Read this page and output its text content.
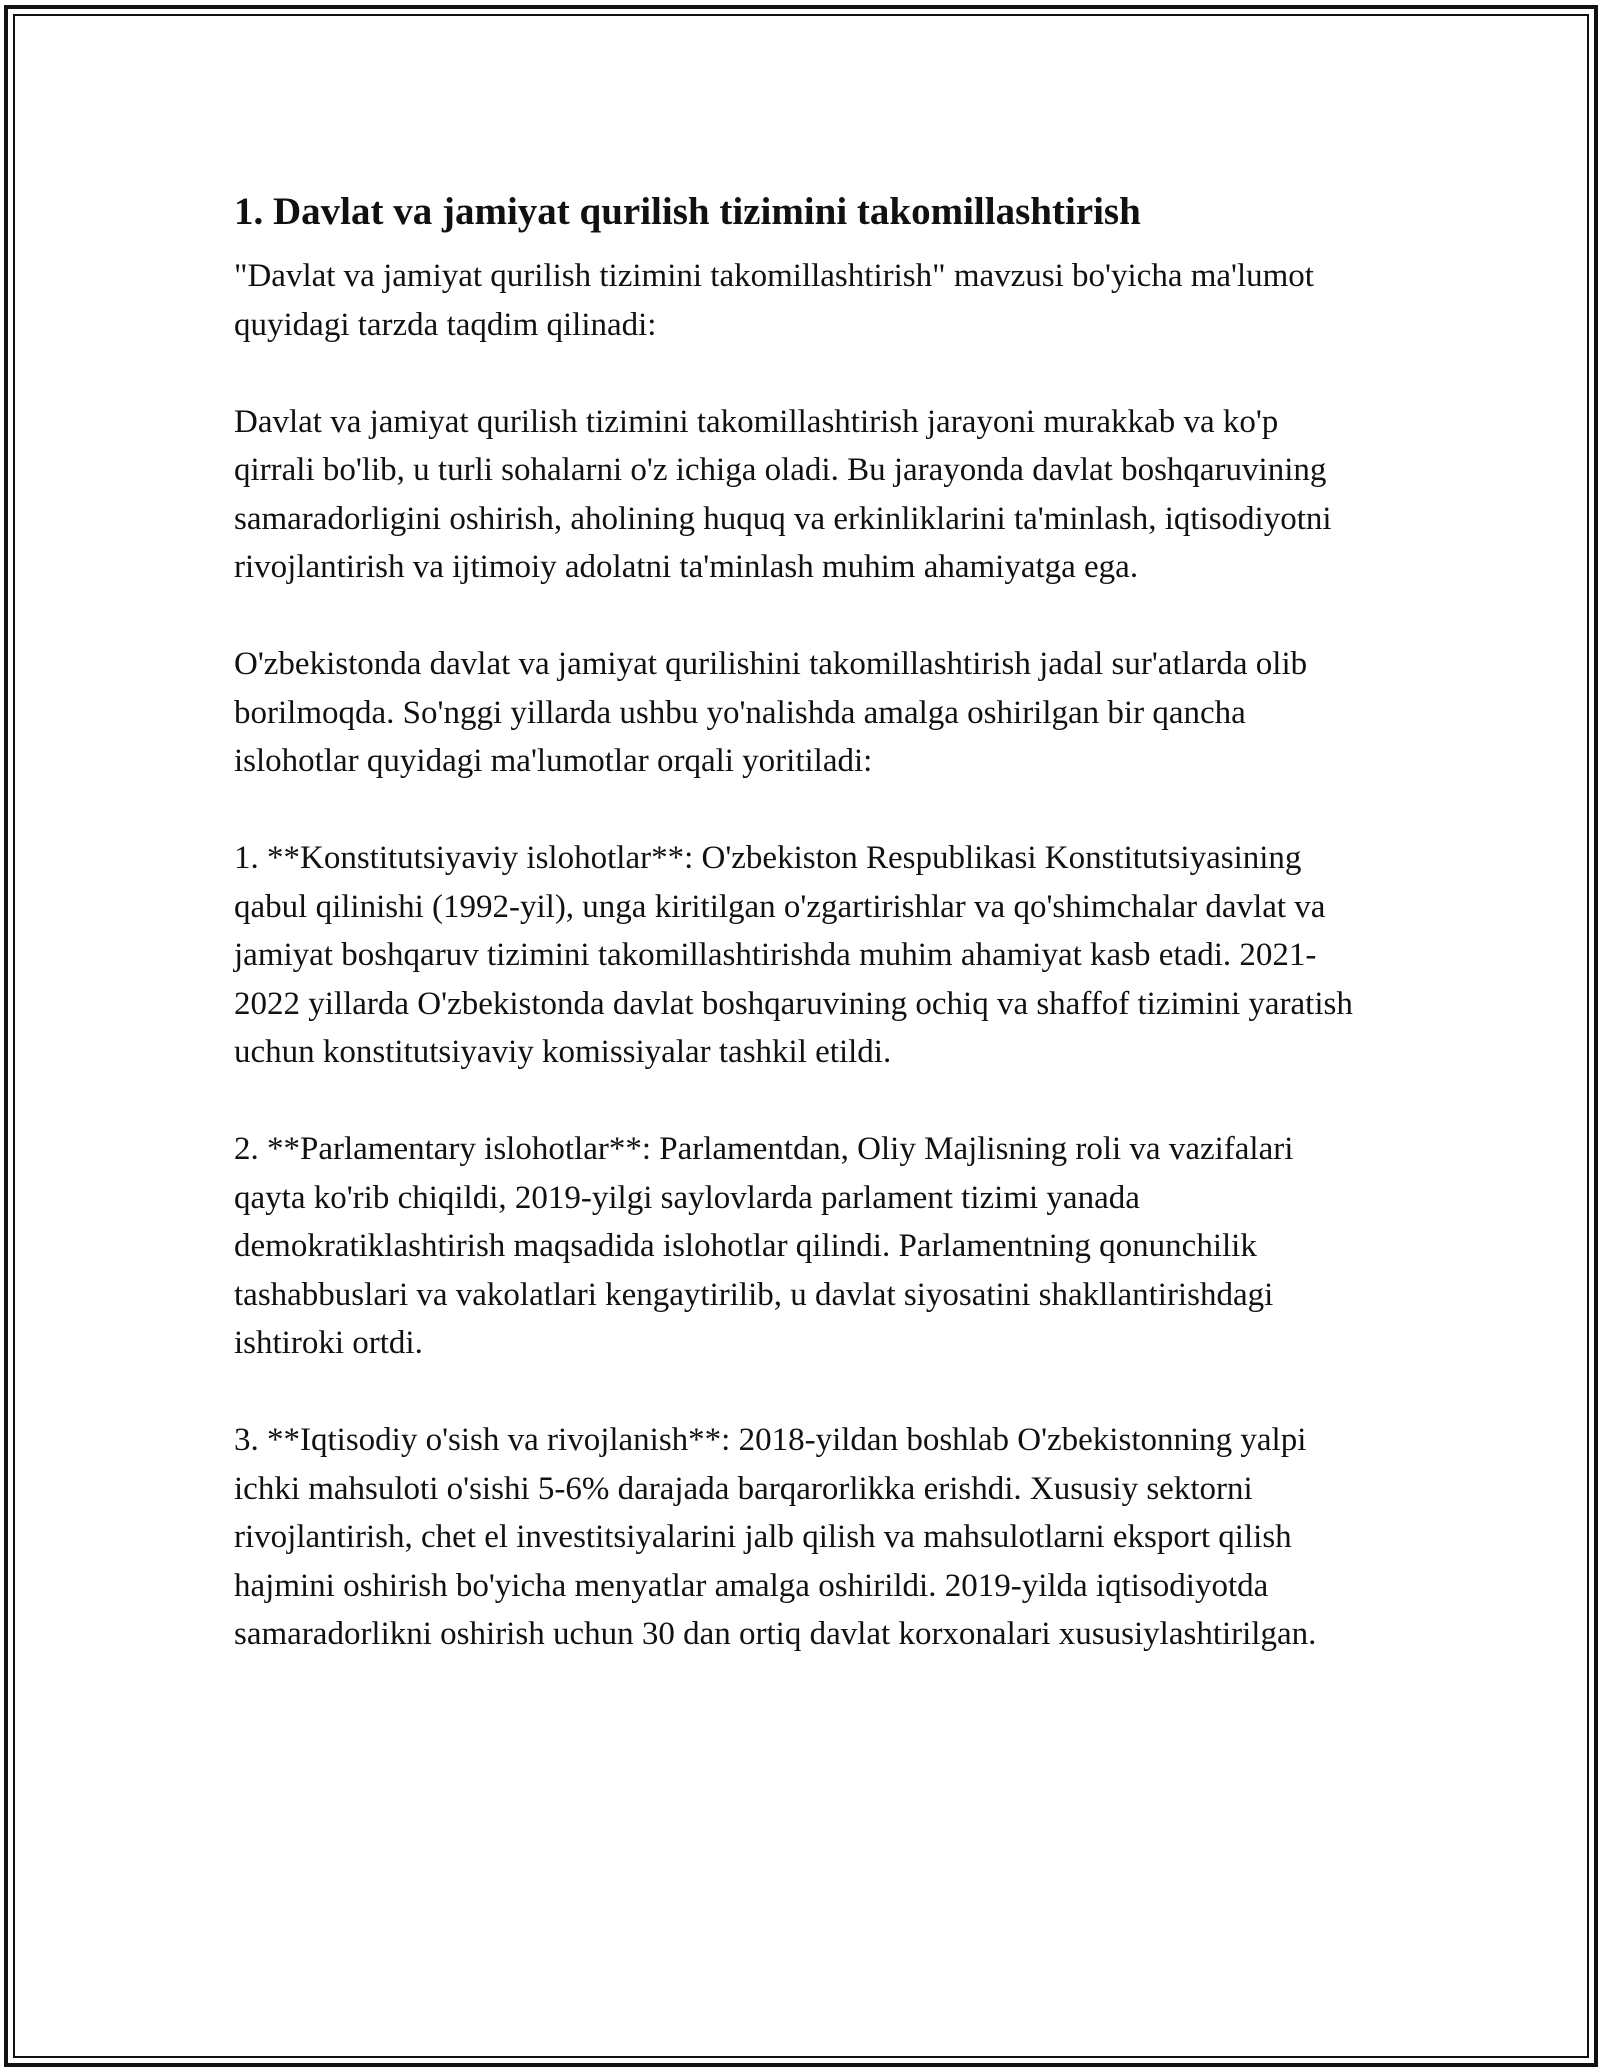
1. Davlat va jamiyat qurilish tizimini takomillashtirish

"Davlat va jamiyat qurilish tizimini takomillashtirish" mavzusi bo'yicha ma'lumot quyidagi tarzda taqdim qilinadi:

Davlat va jamiyat qurilish tizimini takomillashtirish jarayoni murakkab va ko'p qirrali bo'lib, u turli sohalarni o'z ichiga oladi. Bu jarayonda davlat boshqaruvining samaradorligini oshirish, aholining huquq va erkinliklarini ta'minlash, iqtisodiyotni rivojlantirish va ijtimoiy adolatni ta'minlash muhim ahamiyatga ega.

O'zbekistonda davlat va jamiyat qurilishini takomillashtirish jadal sur'atlarda olib borilmoqda. So'nggi yillarda ushbu yo'nalishda amalga oshirilgan bir qancha islohotlar quyidagi ma'lumotlar orqali yoritiladi:

1. **Konstitutsiyaviy islohotlar**: O'zbekiston Respublikasi Konstitutsiyasining qabul qilinishi (1992-yil), unga kiritilgan o'zgartirishlar va qo'shimchalar davlat va jamiyat boshqaruv tizimini takomillashtirishda muhim ahamiyat kasb etadi. 2021-2022 yillarda O'zbekistonda davlat boshqaruvining ochiq va shaffof tizimini yaratish uchun konstitutsiyaviy komissiyalar tashkil etildi.

2. **Parlamentary islohotlar**: Parlamentdan, Oliy Majlisning roli va vazifalari qayta ko'rib chiqildi, 2019-yilgi saylovlarda parlament tizimi yanada demokratiklashtirish maqsadida islohotlar qilindi. Parlamentning qonunchilik tashabbuslari va vakolatlari kengaytirilib, u davlat siyosatini shakllantirishdagi ishtiroki ortdi.

3. **Iqtisodiy o'sish va rivojlanish**: 2018-yildan boshlab O'zbekistonning yalpi ichki mahsuloti o'sishi 5-6% darajada barqarorlikka erishdi. Xususiy sektorni rivojlantirish, chet el investitsiyalarini jalb qilish va mahsulotlarni eksport qilish hajmini oshirish bo'yicha menyatlar amalga oshirildi. 2019-yilda iqtisodiyotda samaradorlikni oshirish uchun 30 dan ortiq davlat korxonalari xususiylashtirilgan.
